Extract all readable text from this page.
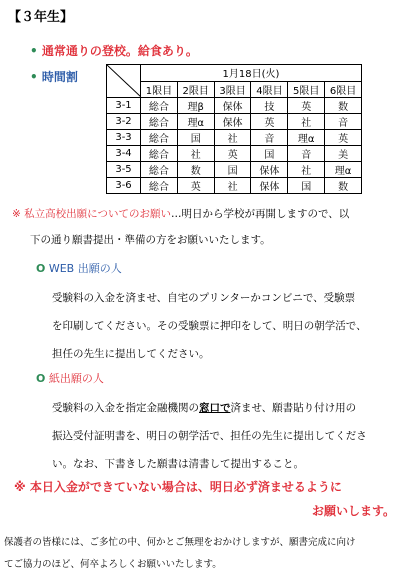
【３年生】
• 通常通りの登校。給食あり。
• 時間割
		1月18日(火)					
	1限目	2限目	3限目	4限目	5限目	6限目
3-1	総合	理β	保体	技	英	数
3-2	総合	理α	保体	英	社	音
3-3	総合	国	社	音	理α	英
3-4	総合	社	英	国	音	美
3-5	総合	数	国	保体	社	理α
3-6	総合	英	社	保体	国	数
※ 私立高校出願についてのお願い…明日から学校が再開しますので、以
下の通り願書提出・準備の方をお願いいたします。
O WEB 出願の人
受験料の入金を済ませ、自宅のプリンターかコンビニで、受験票
を印刷してください。その受験票に押印をして、明日の朝学活で、
担任の先生に提出してください。
O 紙出願の人
受験料の入金を指定金融機関の窓口で済ませ、願書貼り付け用の
振込受付証明書を、明日の朝学活で、担任の先生に提出してくださ
い。なお、下書きした願書は清書して提出すること。
※ 本日入金ができていない場合は、明日必ず済ませるように
お願いします。
保護者の皆様には、ご多忙の中、何かとご無理をおかけしますが、願書完成に向け
てご協力のほど、何卒よろしくお願いいたします。
